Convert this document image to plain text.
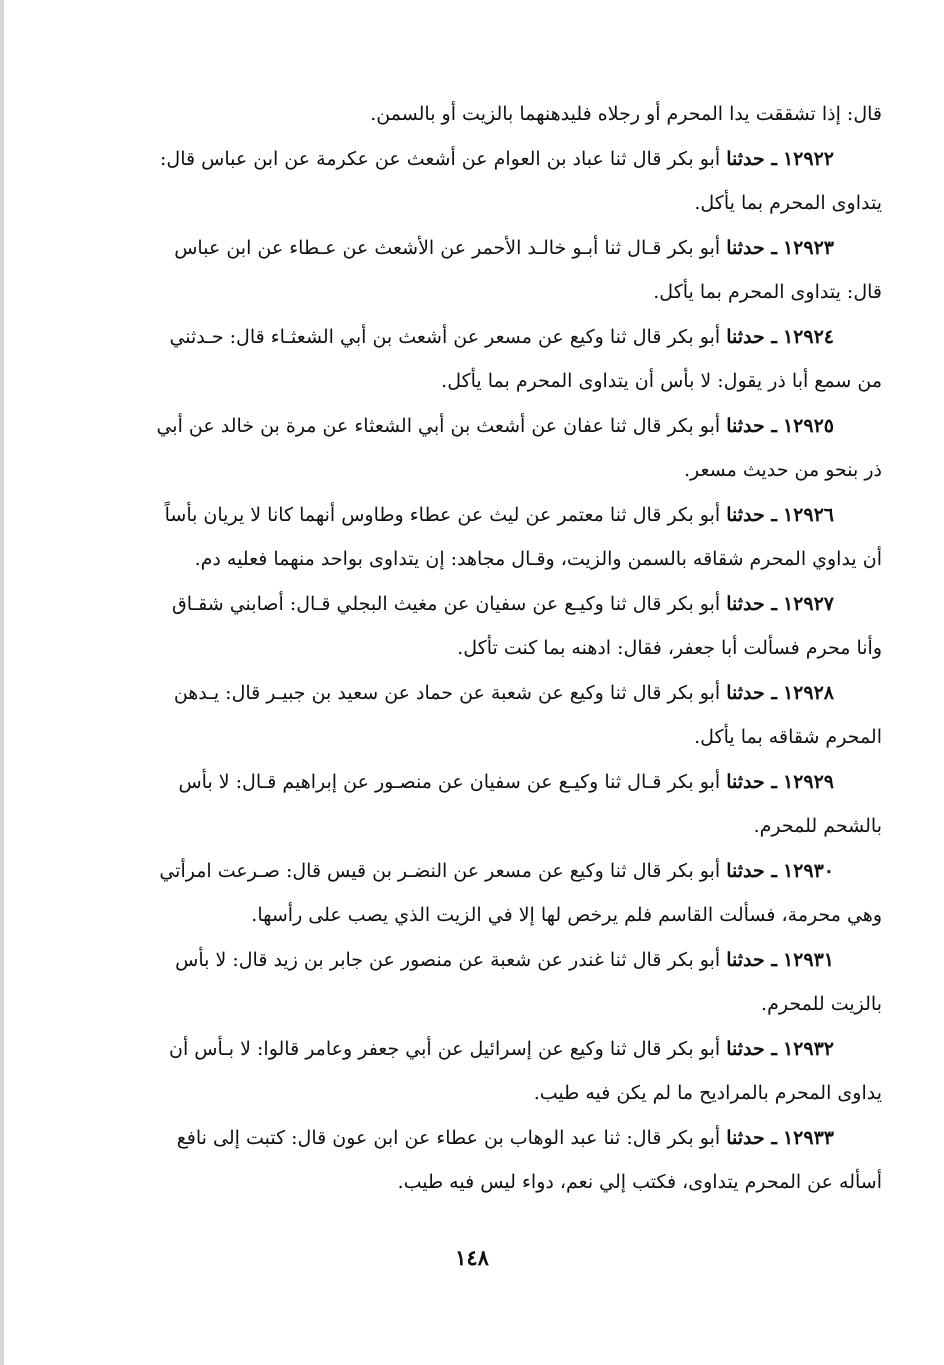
قال: إذا تشققت يدا المحرم أو رجلاه فليدهنهما بالزيت أو بالسمن.
١٢٩٢٢ ـ حدثنا أبو بكر قال ثنا عباد بن العوام عن أشعث عن عكرمة عن ابن عباس قال:
يتداوى المحرم بما يأكل.
١٢٩٢٣ ـ حدثنا أبو بكر قـال ثنا أبـو خالـد الأحمر عن الأشعث عن عـطاء عن ابن عباس
قال: يتداوى المحرم بما يأكل.
١٢٩٢٤ ـ حدثنا أبو بكر قال ثنا وكيع عن مسعر عن أشعث بن أبي الشعثـاء قال: حـدثني
من سمع أبا ذر يقول: لا بأس أن يتداوى المحرم بما يأكل.
١٢٩٢٥ ـ حدثنا أبو بكر قال ثنا عفان عن أشعث بن أبي الشعثاء عن مرة بن خالد عن أبي
ذر بنحو من حديث مسعر.
١٢٩٢٦ ـ حدثنا أبو بكر قال ثنا معتمر عن ليث عن عطاء وطاوس أنهما كانا لا يريان بأساً
أن يداوي المحرم شقاقه بالسمن والزيت، وقـال مجاهد: إن يتداوى بواحد منهما فعليه دم.
١٢٩٢٧ ـ حدثنا أبو بكر قال ثنا وكيـع عن سفيان عن مغيث البجلي قـال: أصابني شقـاق
وأنا محرم فسألت أبا جعفر، فقال: ادهنه بما كنت تأكل.
١٢٩٢٨ ـ حدثنا أبو بكر قال ثنا وكيع عن شعبة عن حماد عن سعيد بن جبيـر قال: يـدهن
المحرم شقاقه بما يأكل.
١٢٩٢٩ ـ حدثنا أبو بكر قـال ثنا وكيـع عن سفيان عن منصـور عن إبراهيم قـال: لا بأس
بالشحم للمحرم.
١٢٩٣٠ ـ حدثنا أبو بكر قال ثنا وكيع عن مسعر عن النضـر بن قيس قال: صـرعت امرأتي
وهي محرمة، فسألت القاسم فلم يرخص لها إلا في الزيت الذي يصب على رأسها.
١٢٩٣١ ـ حدثنا أبو بكر قال ثنا غندر عن شعبة عن منصور عن جابر بن زيد قال: لا بأس
بالزيت للمحرم.
١٢٩٣٢ ـ حدثنا أبو بكر قال ثنا وكيع عن إسرائيل عن أبي جعفر وعامر قالوا: لا بـأس أن
يداوى المحرم بالمراديح ما لم يكن فيه طيب.
١٢٩٣٣ ـ حدثنا أبو بكر قال: ثنا عبد الوهاب بن عطاء عن ابن عون قال: كتبت إلى نافع
أسأله عن المحرم يتداوى، فكتب إلي نعم، دواء ليس فيه طيب.
١٤٨
